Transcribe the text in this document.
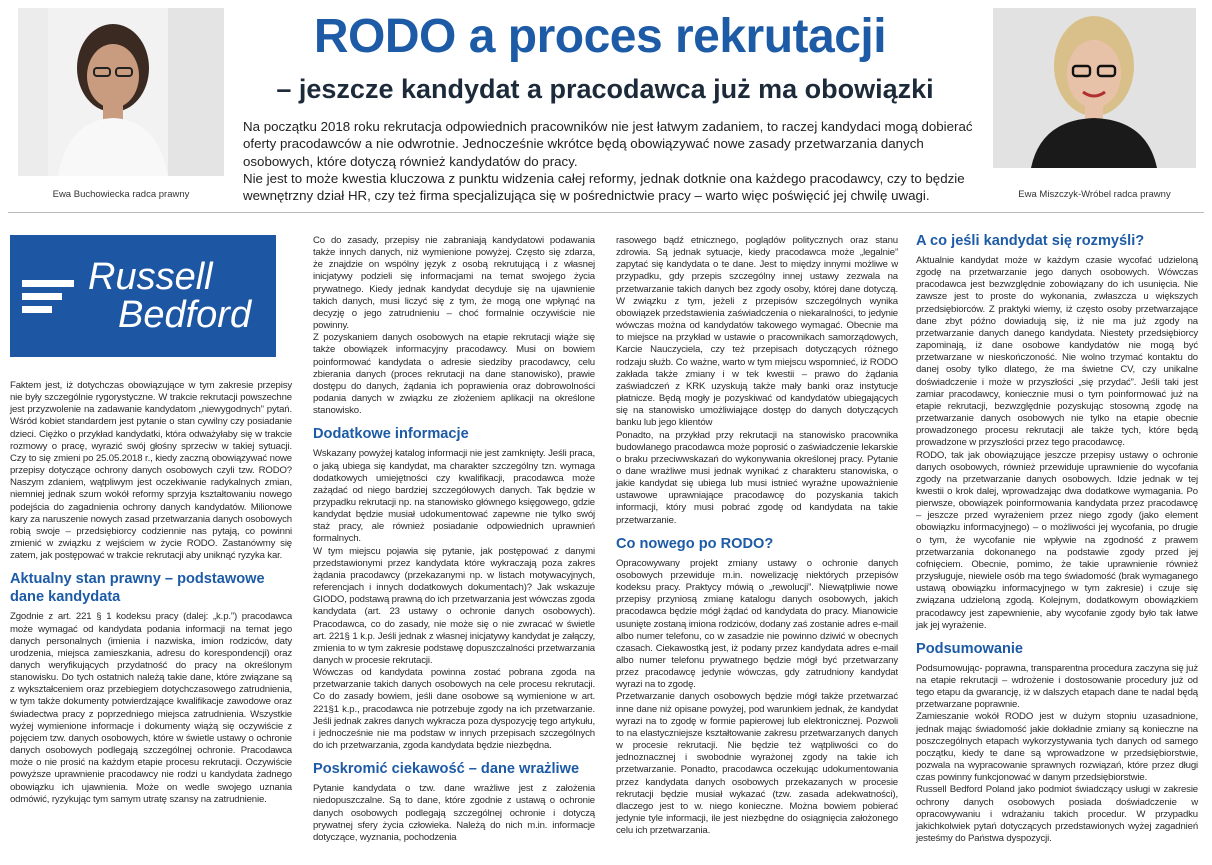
Ewa Buchowiecka radca prawny	Ewa Miszczyk-Wróbel radca prawny
RODO a proces rekrutacji
– jeszcze kandydat a pracodawca już ma obowiązki

Na początku 2018 roku rekrutacja odpowiednich pracowników nie jest łatwym zadaniem, to raczej kandydaci mogą dobierać oferty pracodawców a nie odwrotnie. Jednocześnie wkrótce będą obowiązywać nowe zasady przetwarzania danych osobowych, które dotyczą również kandydatów do pracy.

Nie jest to może kwestia kluczowa z punktu widzenia całej reformy, jednak dotknie ona każdego pracodawcy, czy to będzie wewnętrzny dział HR, czy też firma specjalizująca się w pośrednictwie pracy – warto więc poświęcić jej chwilę uwagi.

Russell
Bedford

Faktem jest, iż dotychczas obowiązujące w tym zakresie przepisy nie były szczególnie rygorystyczne. W trakcie rekrutacji powszechne jest przyzwolenie na zadawanie kandydatom „niewygodnych” pytań. Wśród kobiet standardem jest pytanie o stan cywilny czy posiadanie dzieci. Ciężko o przykład kandydatki, która odważyłaby się w trakcie rozmowy o pracę, wyrazić swój głośny sprzeciw w takiej sytuacji. Czy to się zmieni po 25.05.2018 r., kiedy zaczną obowiązywać nowe przepisy dotyczące ochrony danych osobowych czyli tzw. RODO? Naszym zdaniem, wątpliwym jest oczekiwanie radykalnych zmian, niemniej jednak szum wokół reformy sprzyja kształtowaniu nowego podejścia do zagadnienia ochrony danych kandydatów. Milionowe kary za naruszenie nowych zasad przetwarzania danych osobowych robią swoje – przedsiębiorcy codziennie nas pytają, co powinni zmienić w związku z wejściem w życie RODO. Zastanówmy się zatem, jak postępować w trakcie rekrutacji aby uniknąć ryzyka kar.

Aktualny stan prawny – podstawowe dane kandydata

Zgodnie z art. 221 § 1 kodeksu pracy (dalej: „k.p.”) pracodawca może wymagać od kandydata podania informacji na temat jego danych personalnych (imienia i nazwiska, imion rodziców, daty urodzenia, miejsca zamieszkania, adresu do korespondencji) oraz danych weryfikujących przydatność do pracy na określonym stanowisku. Do tych ostatnich należą takie dane, które związane są z wykształceniem oraz przebiegiem dotychczasowego zatrudnienia, w tym także dokumenty potwierdzające kwalifikacje zawodowe oraz świadectwa pracy z poprzedniego miejsca zatrudnienia. Wszystkie wyżej wymienione informacje i dokumenty wiążą się oczywiście z pojęciem tzw. danych osobowych, które w świetle ustawy o ochronie danych osobowych podlegają szczególnej ochronie. Pracodawca może o nie prosić na każdym etapie procesu rekrutacji. Oczywiście powyższe uprawnienie pracodawcy nie rodzi u kandydata żadnego obowiązku ich ujawnienia. Może on wedle swojego uznania odmówić, ryzykując tym samym utratę szansy na zatrudnienie.

Co do zasady, przepisy nie zabraniają kandydatowi podawania także innych danych, niż wymienione powyżej. Często się zdarza, że znajdzie on wspólny język z osobą rekrutującą i z własnej inicjatywy podzieli się informacjami na temat swojego życia prywatnego. Kiedy jednak kandydat decyduje się na ujawnienie takich danych, musi liczyć się z tym, że mogą one wpłynąć na decyzję o jego zatrudnieniu – choć formalnie oczywiście nie powinny.

Z pozyskaniem danych osobowych na etapie rekrutacji wiąże się także obowiązek informacyjny pracodawcy. Musi on bowiem poinformować kandydata o adresie siedziby pracodawcy, celu zbierania danych (proces rekrutacji na dane stanowisko), prawie dostępu do danych, żądania ich poprawienia oraz dobrowolności podania danych w związku ze złożeniem aplikacji na określone stanowisko.

Dodatkowe informacje

Wskazany powyżej katalog informacji nie jest zamknięty. Jeśli praca, o jaką ubiega się kandydat, ma charakter szczególny tzn. wymaga dodatkowych umiejętności czy kwalifikacji, pracodawca może zażądać od niego bardziej szczegółowych danych. Tak będzie w przypadku rekrutacji np. na stanowisko głównego księgowego, gdzie kandydat będzie musiał udokumentować zapewne nie tylko swój staż pracy, ale również posiadanie odpowiednich uprawnień formalnych.

W tym miejscu pojawia się pytanie, jak postępować z danymi przedstawionymi przez kandydata które wykraczają poza zakres żądania pracodawcy (przekazanymi np. w listach motywacyjnych, referencjach i innych dodatkowych dokumentach)? Jak wskazuje GIODO, podstawą prawną do ich przetwarzania jest wówczas zgoda kandydata (art. 23 ustawy o ochronie danych osobowych). Pracodawca, co do zasady, nie może się o nie zwracać w świetle art. 221§ 1 k.p. Jeśli jednak z własnej inicjatywy kandydat je załączy, zmienia to w tym zakresie podstawę dopuszczalności przetwarzania danych w procesie rekrutacji.

Wówczas od kandydata powinna zostać pobrana zgoda na przetwarzanie takich danych osobowych na cele procesu rekrutacji. Co do zasady bowiem, jeśli dane osobowe są wymienione w art. 221§1 k.p., pracodawca nie potrzebuje zgody na ich przetwarzanie. Jeśli jednak zakres danych wykracza poza dyspozycję tego artykułu, i jednocześnie nie ma podstaw w innych przepisach szczególnych do ich przetwarzania, zgoda kandydata będzie niezbędna.

Poskromić ciekawość – dane wrażliwe

Pytanie kandydata o tzw. dane wrażliwe jest z założenia niedopuszczalne. Są to dane, które zgodnie z ustawą o ochronie danych osobowych podlegają szczególnej ochronie i dotyczą prywatnej sfery życia człowieka. Należą do nich m.in. informacje dotyczące, wyznania, pochodzenia

rasowego bądź etnicznego, poglądów politycznych oraz stanu zdrowia. Są jednak sytuacje, kiedy pracodawca może „legalnie” zapytać się kandydata o te dane. Jest to między innymi możliwe w przypadku, gdy przepis szczególny innej ustawy zezwala na przetwarzanie takich danych bez zgody osoby, której dane dotyczą. W związku z tym, jeżeli z przepisów szczególnych wynika obowiązek przedstawienia zaświadczenia o niekaralności, to jedynie wówczas można od kandydatów takowego wymagać. Obecnie ma to miejsce na przykład w ustawie o pracownikach samorządowych, Karcie Nauczyciela, czy też przepisach dotyczących różnego rodzaju służb. Co ważne, warto w tym miejscu wspomnieć, iż RODO zakłada także zmiany i w tek kwestii – prawo do żądania zaświadczeń z KRK uzyskują także mały banki oraz instytucje płatnicze. Będą mogły je pozyskiwać od kandydatów ubiegających się na stanowisko umożliwiające dostęp do danych dotyczących banku lub jego klientów

Ponadto, na przykład przy rekrutacji na stanowisko pracownika budowlanego pracodawca może poprosić o zaświadczenie lekarskie o braku przeciwwskazań do wykonywania określonej pracy. Pytanie o dane wrażliwe musi jednak wynikać z charakteru stanowiska, o jakie kandydat się ubiega lub musi istnieć wyraźne upoważnienie ustawowe uprawniające pracodawcę do pozyskania takich informacji, który musi pobrać zgodę od kandydata na takie przetwarzanie.

Co nowego po RODO?

Opracowywany projekt zmiany ustawy o ochronie danych osobowych przewiduje m.in. nowelizację niektórych przepisów kodeksu pracy. Praktycy mówią o „rewolucji”. Niewątpliwie nowe przepisy przyniosą zmianę katalogu danych osobowych, jakich pracodawca będzie mógł żądać od kandydata do pracy. Mianowicie usunięte zostaną imiona rodziców, dodany zaś zostanie adres e-mail albo numer telefonu, co w zasadzie nie powinno dziwić w obecnych czasach. Ciekawostką jest, iż podany przez kandydata adres e-mail albo numer telefonu prywatnego będzie mógł być przetwarzany przez pracodawcę jedynie wówczas, gdy zatrudniony kandydat wyrazi na to zgodę.

Przetwarzanie danych osobowych będzie mógł także przetwarzać inne dane niż opisane powyżej, pod warunkiem jednak, że kandydat wyrazi na to zgodę w formie papierowej lub elektronicznej. Pozwoli to na elastyczniejsze kształtowanie zakresu przetwarzanych danych w procesie rekrutacji. Nie będzie też wątpliwości co do jednoznacznej i swobodnie wyrażonej zgody na takie ich przetwarzanie. Ponadto, pracodawca oczekując udokumentowania przez kandydata danych osobowych przekazanych w procesie rekrutacji będzie musiał wykazać (tzw. zasada adekwatności), dlaczego jest to w. niego konieczne. Można bowiem pobierać jedynie tyle informacji, ile jest niezbędne do osiągnięcia założonego celu ich przetwarzania.

A co jeśli kandydat się rozmyśli?

Aktualnie kandydat może w każdym czasie wycofać udzieloną zgodę na przetwarzanie jego danych osobowych. Wówczas pracodawca jest bezwzględnie zobowiązany do ich usunięcia. Nie zawsze jest to proste do wykonania, zwłaszcza u większych przedsiębiorców. Z praktyki wiemy, iż często osoby przetwarzające dane zbyt późno dowiadują się, iż nie ma już zgody na przetwarzanie danych danego kandydata. Niestety przedsiębiorcy zapominają, iż dane osobowe kandydatów nie mogą być przetwarzane w nieskończoność. Nie wolno trzymać kontaktu do danej osoby tylko dlatego, że ma świetne CV, czy unikalne doświadczenie i może w przyszłości „się przydać”. Jeśli taki jest zamiar pracodawcy, koniecznie musi o tym poinformować już na etapie rekrutacji, bezwzględnie pozyskując stosowną zgodę na przetwarzanie danych osobowych nie tylko na etapie obecnie prowadzonego procesu rekrutacji ale także tych, które będą prowadzone w przyszłości przez tego pracodawcę.

RODO, tak jak obowiązujące jeszcze przepisy ustawy o ochronie danych osobowych, również przewiduje uprawnienie do wycofania zgody na przetwarzanie danych osobowych. Idzie jednak w tej kwestii o krok dalej, wprowadzając dwa dodatkowe wymagania. Po pierwsze, obowiązek poinformowania kandydata przez pracodawcę – jeszcze przed wyrażeniem przez niego zgody (jako element obowiązku informacyjnego) – o możliwości jej wycofania, po drugie o tym, że wycofanie nie wpływie na zgodność z prawem przetwarzania dokonanego na podstawie zgody przed jej cofnięciem. Obecnie, pomimo, że takie uprawnienie również przysługuje, niewiele osób ma tego świadomość (brak wymaganego ustawą obowiązku informacyjnego w tym zakresie) i czuje się związana udzieloną zgodą. Kolejnym, dodatkowym obowiązkiem pracodawcy jest zapewnienie, aby wycofanie zgody było tak łatwe jak jej wyrażenie.

Podsumowanie

Podsumowując- poprawna, transparentna procedura zaczyna się już na etapie rekrutacji – wdrożenie i dostosowanie procedury już od tego etapu da gwarancję, iż w dalszych etapach dane te nadal będą przetwarzane poprawnie.

Zamieszanie wokół RODO jest w dużym stopniu uzasadnione, jednak mając świadomość jakie dokładnie zmiany są konieczne na poszczególnych etapach wykorzystywania tych danych od samego początku, kiedy te dane są wprowadzone w przedsiębiorstwie, pozwala na wypracowanie sprawnych rozwiązań, które przez długi czas powinny funkcjonować w danym przedsiębiorstwie.

Russell Bedford Poland jako podmiot świadczący usługi w zakresie ochrony danych osobowych posiada doświadczenie w opracowywaniu i wdrażaniu takich procedur. W przypadku jakichkolwiek pytań dotyczących przedstawionych wyżej zagadnień jesteśmy do Państwa dyspozycji.
